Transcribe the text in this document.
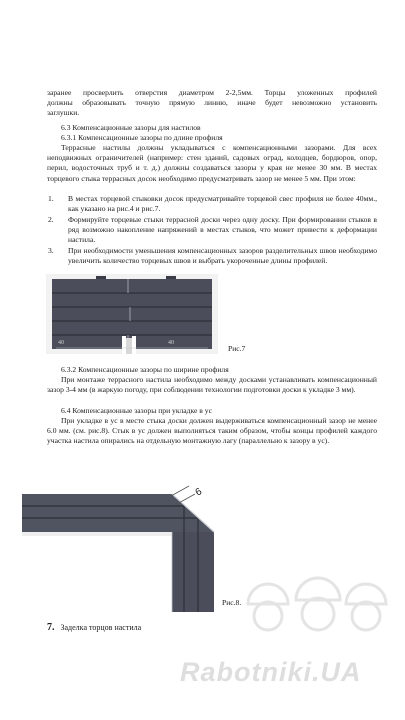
заранее просверлить отверстия диаметром 2-2,5мм. Торцы уложенных профилей
должны образовывать точную прямую линию, иначе будет невозможно установить
заглушки.
6.3 Компенсационные зазоры для настилов
6.3.1 Компенсационные зазоры по длине профиля
Террасные настилы должны укладываться с компенсационными зазорами. Для всех неподвижных ограничителей (например: стен зданий, садовых оград, колодцев, бордюров, опор, перил, водосточных труб и т. д.) должны создаваться зазоры у края не менее 30 мм. В местах торцевого стыка террасных досок необходимо предусматривать зазор не менее 5 мм. При этом:
1. В местах торцевой стыковки досок предусматривайте торцевой свес профиля не более 40мм., как указано на рис.4 и рис.7.
2. Формируйте торцевые стыки террасной доски через одну доску. При формировании стыков в ряд возможно накопление напряжений в местах стыков, что может привести к деформации настила.
3. При необходимости уменьшения компенсационных зазоров разделительных швов необходимо увеличить количество торцевых швов и выбрать укороченные длины профилей.
40	40
Рис.7
6.3.2 Компенсационные зазоры по ширине профиля
При монтаже террасного настила необходимо между досками устанавливать компенсационный зазор 3-4 мм (в жаркую погоду, при соблюдении технологии подготовки доски к укладке 3 мм).
6.4 Компенсационные зазоры при укладке в ус
При укладке в ус в месте стыка доски должен выдерживаться компенсационный зазор не менее 6.0 мм. (см. рис.8). Стык в ус должен выполняться таким образом, чтобы концы профилей каждого участка настила опирались на отдельную монтажную лагу (параллельно к зазору в ус).
6
Рис.8.
7. Заделка торцов настила
Rabotniki.UA
